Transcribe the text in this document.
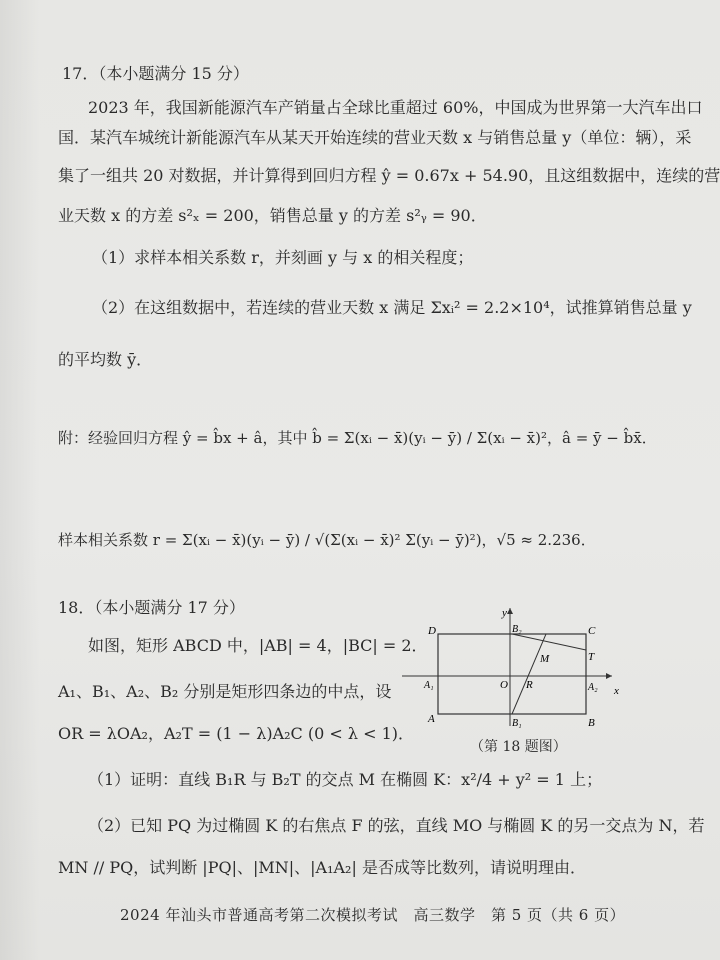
17．（本小题满分 15 分）
2023 年，我国新能源汽车产销量占全球比重超过 60%，中国成为世界第一大汽车出口
国．某汽车城统计新能源汽车从某天开始连续的营业天数 x 与销售总量 y（单位：辆），采
集了一组共 20 对数据，并计算得到回归方程 ŷ = 0.67x + 54.90，且这组数据中，连续的营
业天数 x 的方差 s²ₓ = 200，销售总量 y 的方差 s²ᵧ = 90．
（1）求样本相关系数 r，并刻画 y 与 x 的相关程度；
（2）在这组数据中，若连续的营业天数 x 满足 Σxᵢ² = 2.2×10⁴，试推算销售总量 y
的平均数 ȳ．
附：经验回归方程 ŷ = b̂x + â，其中 b̂ = Σ(xᵢ − x̄)(yᵢ − ȳ) / Σ(xᵢ − x̄)²，â = ȳ − b̂x̄．
样本相关系数 r = Σ(xᵢ − x̄)(yᵢ − ȳ) / √(Σ(xᵢ − x̄)² Σ(yᵢ − ȳ)²)，√5 ≈ 2.236．
18．（本小题满分 17 分）
如图，矩形 ABCD 中，|AB| = 4，|BC| = 2．
A₁、B₁、A₂、B₂ 分别是矩形四条边的中点，设
OR = λOA₂，A₂T = (1 − λ)A₂C (0 < λ < 1)．
（1）证明：直线 B₁R 与 B₂T 的交点 M 在椭圆 K：x²/4 + y² = 1 上；
（2）已知 PQ 为过椭圆 K 的右焦点 F 的弦，直线 MO 与椭圆 K 的另一交点为 N，若
MN // PQ，试判断 |PQ|、|MN|、|A₁A₂| 是否成等比数列，请说明理由．
y
x
D	B₂	C
M	T
A₁	O R	A₂
A	B₁	B
（第 18 题图）
2024 年汕头市普通高考第二次模拟考试　高三数学　第 5 页（共 6 页）
